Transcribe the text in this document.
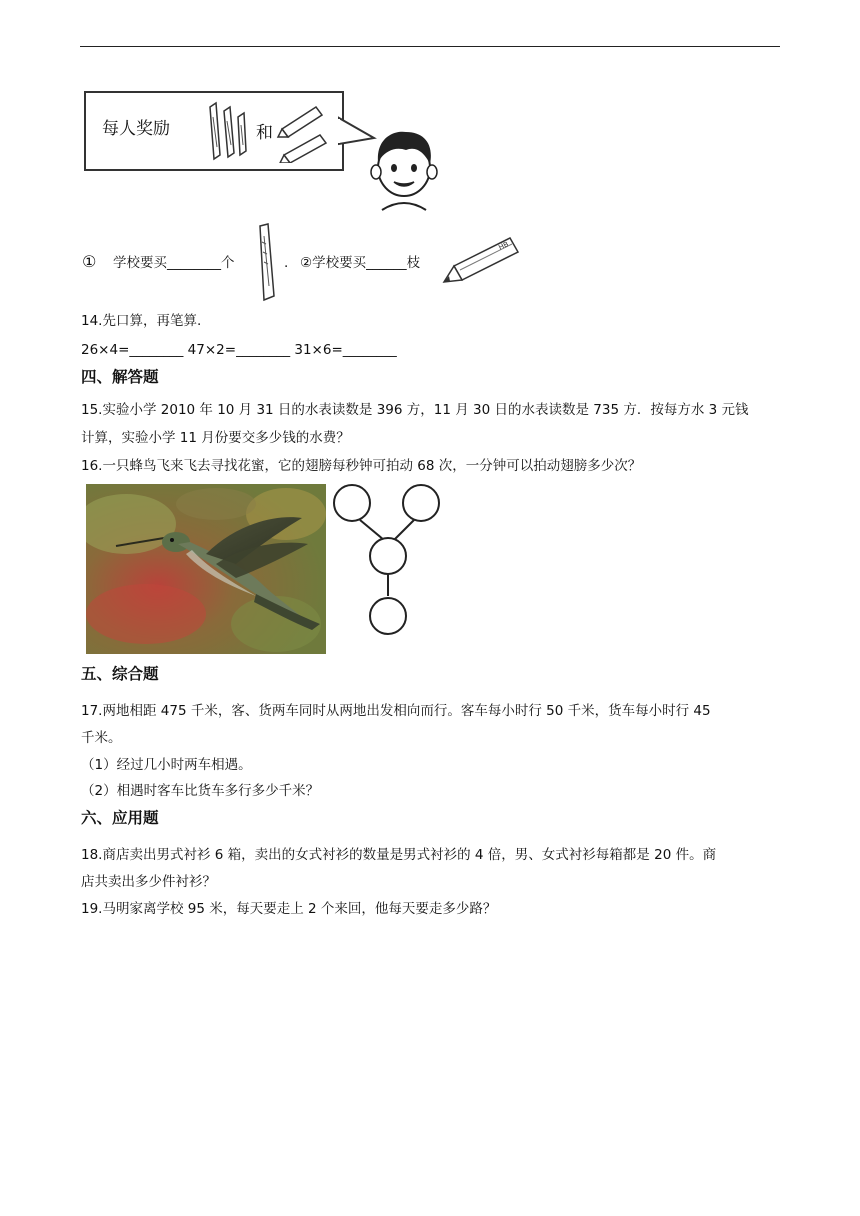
每人奖励	和
① 学校要买________个	. ②学校要买______枝
HB
14.先口算，再笔算.
26×4=________ 47×2=________ 31×6=________
四、解答题
15.实验小学 2010 年 10 月 31 日的水表读数是 396 方，11 月 30 日的水表读数是 735 方．按每方水 3 元钱
计算，实验小学 11 月份要交多少钱的水费？
16.一只蜂鸟飞来飞去寻找花蜜，它的翅膀每秒钟可拍动 68 次，一分钟可以拍动翅膀多少次？
五、综合题
17.两地相距 475 千米，客、货两车同时从两地出发相向而行。客车每小时行 50 千米，货车每小时行 45
千米。
（1）经过几小时两车相遇。
（2）相遇时客车比货车多行多少千米？
六、应用题
18.商店卖出男式衬衫 6 箱，卖出的女式衬衫的数量是男式衬衫的 4 倍，男、女式衬衫每箱都是 20 件。商
店共卖出多少件衬衫？
19.马明家离学校 95 米，每天要走上 2 个来回，他每天要走多少路？
